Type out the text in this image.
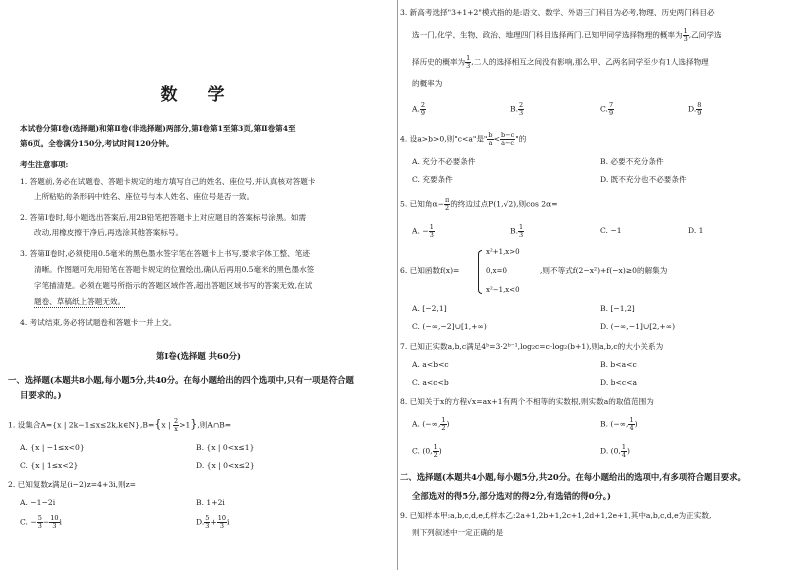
数 学
本试卷分第Ⅰ卷(选择题)和第Ⅱ卷(非选择题)两部分,第Ⅰ卷第1至第3页,第Ⅱ卷第4至
第6页。全卷满分150分,考试时间120分钟。
考生注意事项:
1. 答题前,务必在试题卷、答题卡规定的地方填写自己的姓名、座位号,并认真核对答题卡
上所粘贴的条形码中姓名、座位号与本人姓名、座位号是否一致。
2. 答第Ⅰ卷时,每小题选出答案后,用2B铅笔把答题卡上对应题目的答案标号涂黑。如需
改动,用橡皮擦干净后,再选涂其他答案标号。
3. 答第Ⅱ卷时,必须使用0.5毫米的黑色墨水签字笔在答题卡上书写,要求字体工整、笔迹
清晰。作图题可先用铅笔在答题卡规定的位置绘出,确认后再用0.5毫米的黑色墨水签
字笔描清楚。必须在题号所指示的答题区域作答,超出答题区域书写的答案无效,在试
题卷、草稿纸上答题无效。
4. 考试结束,务必将试题卷和答题卡一并上交。
第Ⅰ卷(选择题 共60分)
一、选择题(本题共8小题,每小题5分,共40分。在每小题给出的四个选项中,只有一项是符合题
目要求的。)
1. 设集合A={x | 2k−1≤x≤2k,k∈N},B={x | $\frac{2}{x} >1$},则A∩B=
A. {x | −1≤x<0}	B. {x | 0<x≤1}
C. {x | 1≤x<2}	D. {x | 0<x≤2}
2. 已知复数z满足(i−2)z=4+3i,则z=
A. −1−2i	B. 1+2i
C. − $\frac{5}{3} - \frac{10}{3}$ i	D. $\frac{5}{3} + \frac{10}{3}$ i
3. 新高考选择"3+1+2"模式指的是:语文、数学、外语三门科目为必考,物理、历史两门科目必
选一门,化学、生物、政治、地理四门科目选择两门.已知甲同学选择物理的概率为 $\frac{1}{3}$ ,乙同学选
择历史的概率为 $\frac{1}{3}$ ,二人的选择相互之间没有影响,那么甲、乙两名同学至少有1人选择物理
的概率为
A. $\frac{2}{9}$	B. $\frac{2}{3}$	C. $\frac{7}{9}$	D. $\frac{8}{9}$
4. 设a>b>0,则"c<a"是" $\frac{b}{a} < \frac{b-c}{a-c}$ "的
A. 充分不必要条件	B. 必要不充分条件
C. 充要条件	D. 既不充分也不必要条件
5. 已知角$\alpha- \frac{\pi}{2}$ 的终边过点P(1,√2),则cos 2α=
A. − $\frac{1}{3}$	B. $\frac{1}{3}$	C. −1	D. 1
6. 已知函数f(x)=
x²+1,x>0
0,x=0
x²−1,x<0
,则不等式f(2−x²)+f(−x)≥0的解集为
A. [−2,1]	B. [−1,2]
C. (−∞,−2]∪[1,+∞)	D. (−∞,−1]∪[2,+∞)
7. 已知正实数a,b,c满足4ᵇ=3·2ᵇ⁻¹,log₂c=c·log₂(b+1),则a,b,c的大小关系为
A. a<b<c	B. b<a<c
C. a<c<b	D. b<c<a
8. 已知关于x的方程√x=ax+1有两个不相等的实数根,则实数a的取值范围为
A. (−∞, $\frac{1}{2}$ )	B. (−∞, $\frac{1}{4}$ )
C. (0, $\frac{1}{2}$ )	D. (0, $\frac{1}{4}$ )
二、选择题(本题共4小题,每小题5分,共20分。在每小题给出的选项中,有多项符合题目要求。
全部选对的得5分,部分选对的得2分,有选错的得0分。)
9. 已知样本甲:a,b,c,d,e,f,样本乙:2a+1,2b+1,2c+1,2d+1,2e+1,其中a,b,c,d,e为正实数,
则下列叙述中一定正确的是
